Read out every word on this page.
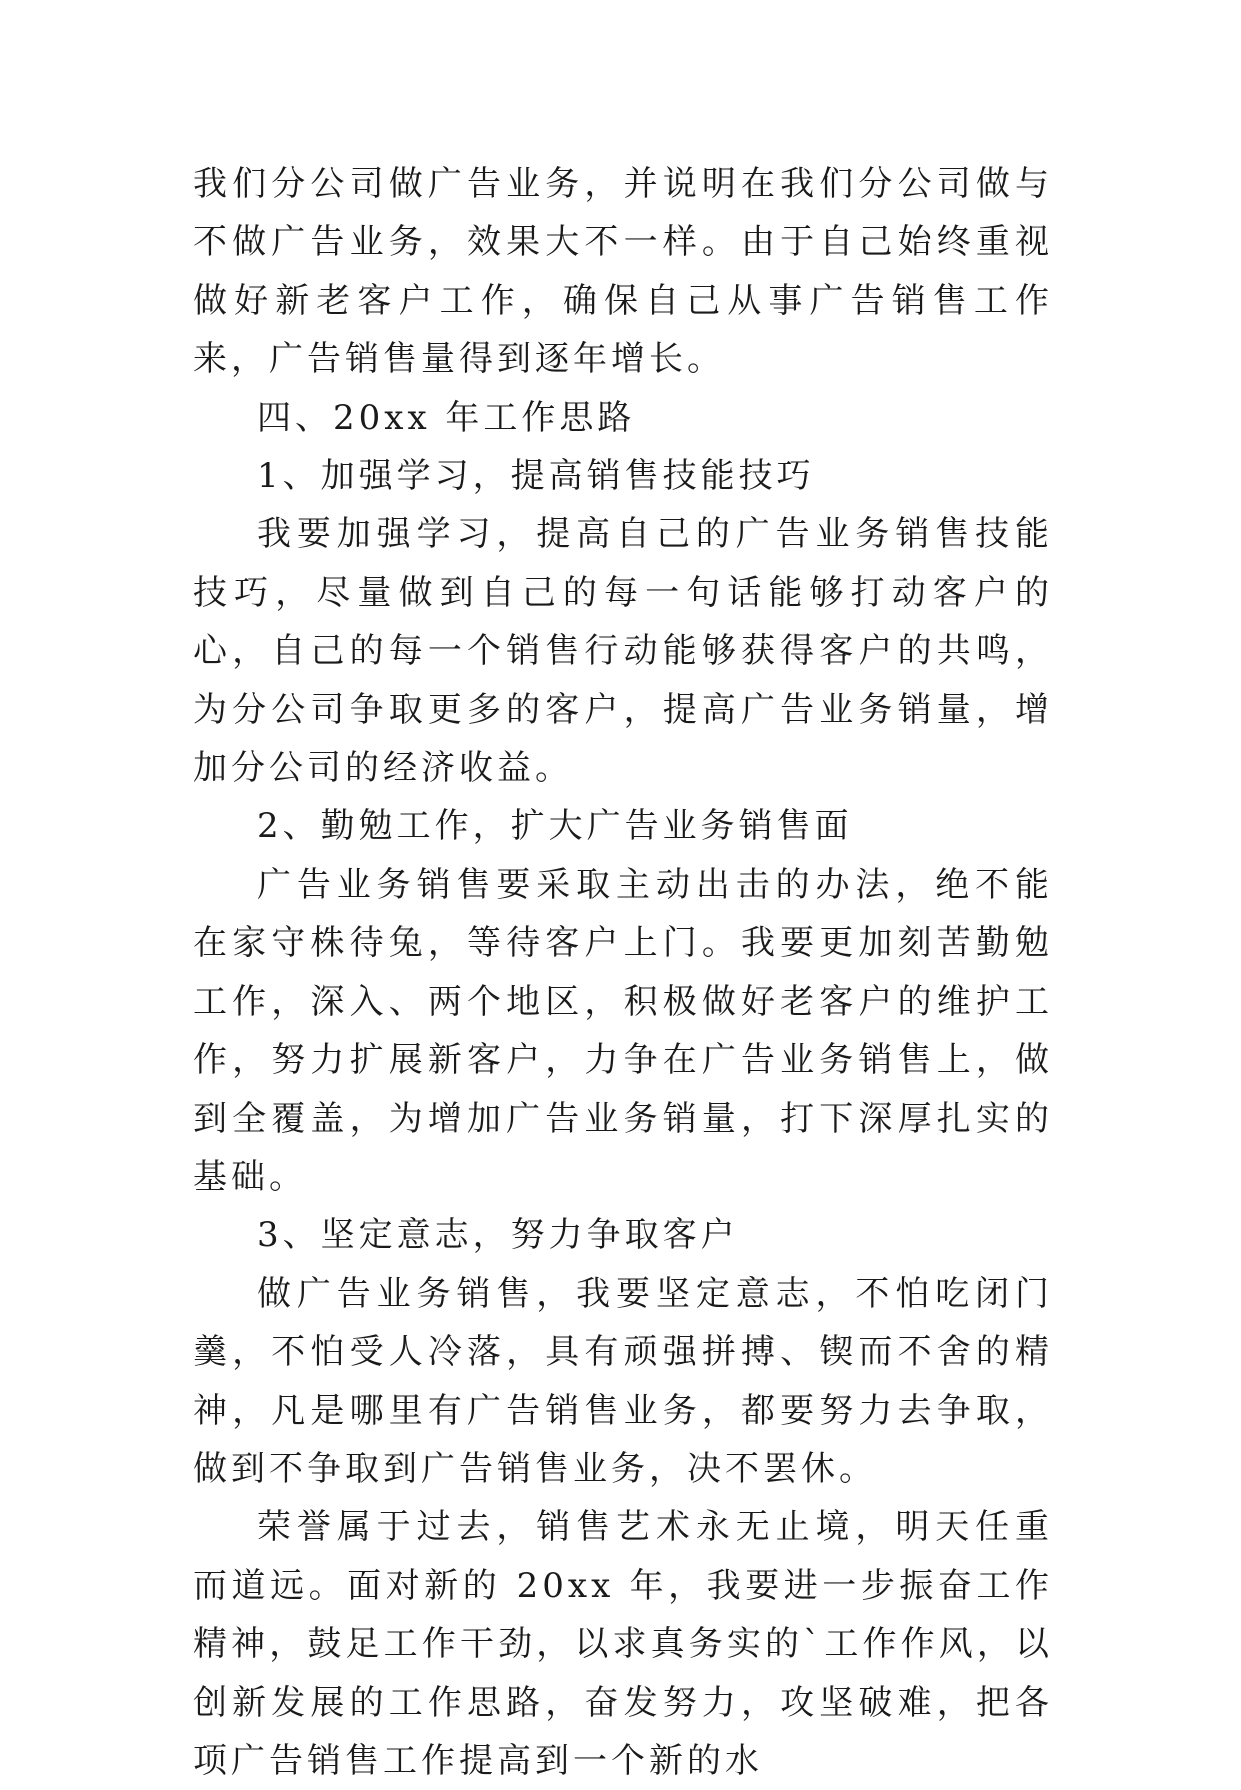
我们分公司做广告业务，并说明在我们分公司做与不做广告业务，效果大不一样。由于自己始终重视做好新老客户工作，确保自己从事广告销售工作来，广告销售量得到逐年增长。

四、20xx 年工作思路

1、加强学习，提高销售技能技巧

我要加强学习，提高自己的广告业务销售技能技巧，尽量做到自己的每一句话能够打动客户的心，自己的每一个销售行动能够获得客户的共鸣，为分公司争取更多的客户，提高广告业务销量，增加分公司的经济收益。

2、勤勉工作，扩大广告业务销售面

广告业务销售要采取主动出击的办法，绝不能在家守株待兔，等待客户上门。我要更加刻苦勤勉工作，深入、两个地区，积极做好老客户的维护工作，努力扩展新客户，力争在广告业务销售上，做到全覆盖，为增加广告业务销量，打下深厚扎实的基础。

3、坚定意志，努力争取客户

做广告业务销售，我要坚定意志，不怕吃闭门羹，不怕受人冷落，具有顽强拼搏、锲而不舍的精神，凡是哪里有广告销售业务，都要努力去争取，做到不争取到广告销售业务，决不罢休。

荣誉属于过去，销售艺术永无止境，明天任重而道远。面对新的 20xx 年，我要进一步振奋工作精神，鼓足工作干劲，以求真务实的`工作作风，以创新发展的工作思路，奋发努力，攻坚破难，把各项广告销售工作提高到一个新的水
